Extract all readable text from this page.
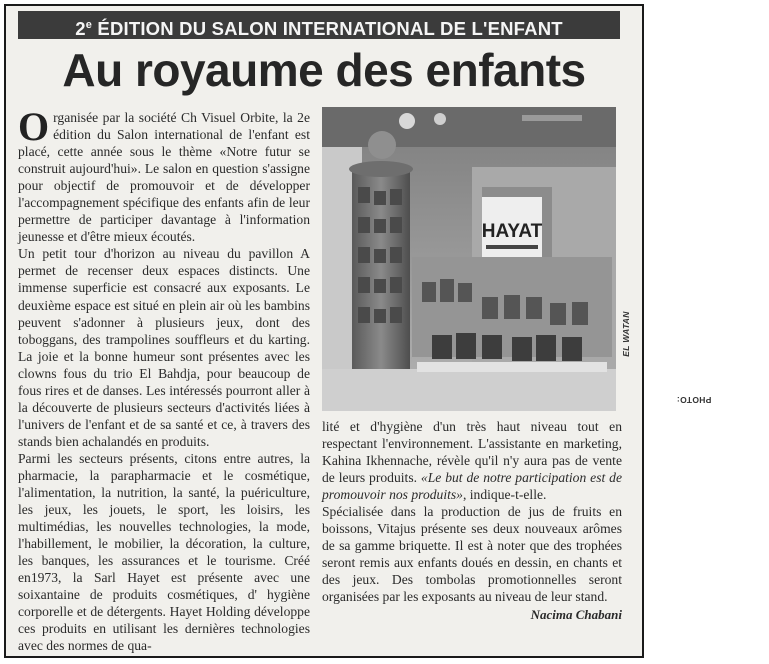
2e ÉDITION DU SALON INTERNATIONAL DE L'ENFANT
Au royaume des enfants

Organisée par la société Ch Visuel Orbite, la 2e édition du Salon international de l'enfant est placé, cette année sous le thème «Notre futur se construit aujourd'hui». Le salon en question s'assigne pour objectif de promouvoir et de développer l'accompagnement spécifique des enfants afin de leur permettre de participer davantage à l'information jeunesse et d'être mieux écoutés.

Un petit tour d'horizon au niveau du pavillon A permet de recenser deux espaces distincts. Une immense superficie est consacré aux exposants. Le deuxième espace est situé en plein air où les bambins peuvent s'adonner à plusieurs jeux, dont des toboggans, des trampolines souffleurs et du karting. La joie et la bonne humeur sont présentes avec les clowns fous du trio El Bahdja, pour beaucoup de fous rires et de danses. Les intéressés pourront aller à la découverte de plusieurs secteurs d'activités liées à l'univers de l'enfant et de sa santé et ce, à travers des stands bien achalandés en produits.

Parmi les secteurs présents, citons entre autres, la pharmacie, la parapharmacie et le cosmétique, l'alimentation, la nutrition, la santé, la puériculture, les jeux, les jouets, le sport, les loisirs, les multimédias, les nouvelles technologies, la mode, l'habillement, le mobilier, la décoration, la culture, les banques, les assurances et le tourisme. Créé en1973, la Sarl Hayet est présente avec une soixantaine de produits cosmétiques, d' hygiène corporelle et de détergents. Hayet Holding développe ces produits en utilisant les dernières technologies avec des normes de qua-

HAYAT
PHOTO:
EL WATAN

lité et d'hygiène d'un très haut niveau tout en respectant l'environnement. L'assistante en marketing, Kahina Ikhennache, révèle qu'il n'y aura pas de vente de leurs produits. «Le but de notre participation est de promouvoir nos produits», indique-t-elle.

Spécialisée dans la production de jus de fruits en boissons, Vitajus présente ses deux nouveaux arômes de sa gamme briquette. Il est à noter que des trophées seront remis aux enfants doués en dessin, en chants et des jeux. Des tombolas promotionnelles seront organisées par les exposants au niveau de leur stand.

Nacima Chabani
